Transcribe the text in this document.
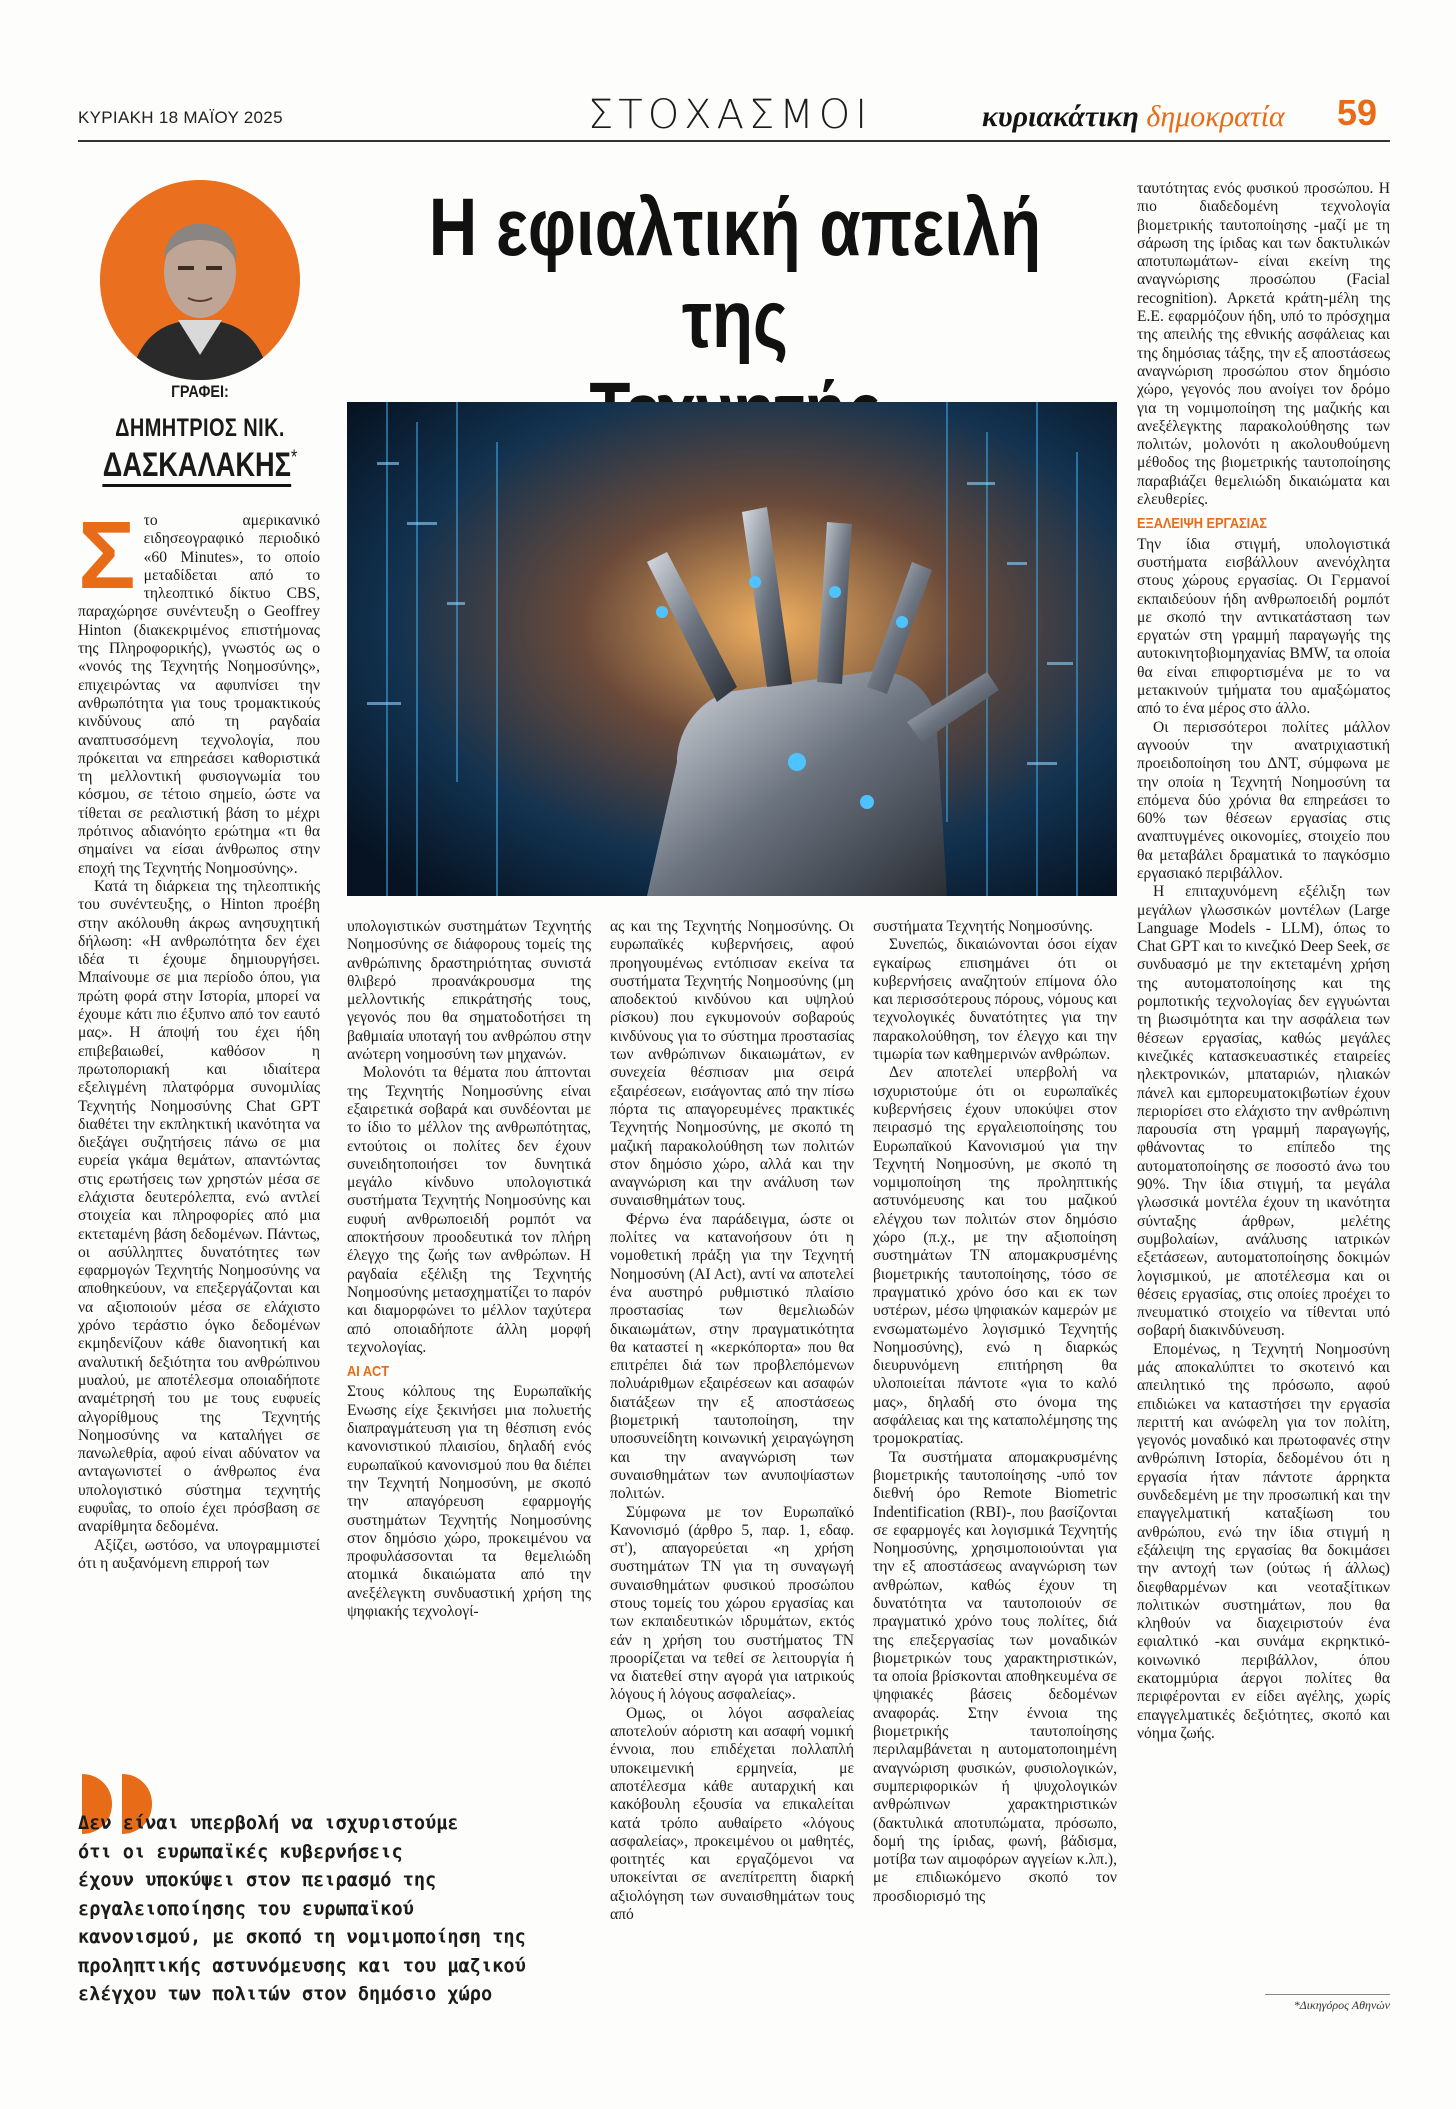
ΚΥΡΙΑΚΗ 18 ΜΑΪΟΥ 2025	ΣΤΟΧΑΣΜΟΙ	κυριακάτικη δημοκρατία 59
ΓΡΑΦΕΙ:
ΔΗΜΗΤΡΙΟΣ ΝΙΚ.
ΔΑΣΚΑΛΑΚΗΣ*
Η εφιαλτική απειλή της
Σ το αμερικανικό ειδησεογραφικό περιοδικό «60 Minutes», το οποίο μεταδίδεται από το τηλεοπτικό δίκτυο CBS, παραχώρησε συνέντευξη ο Geoffrey Hinton (διακεκριμένος επιστήμονας της Πληροφορικής), γνωστός ως ο «νονός της Τεχνητής Νοημοσύνης», επιχειρώντας να αφυπνίσει την ανθρωπότητα για τους τρομακτικούς κινδύνους από τη ραγδαία αναπτυσσόμενη τεχνολογία, που πρόκειται να επηρεάσει καθοριστικά τη μελλοντική φυσιογνωμία του κόσμου, σε τέτοιο σημείο, ώστε να τίθεται σε ρεαλιστική βάση το μέχρι πρότινος αδιανόητο ερώτημα «τι θα σημαίνει να είσαι άνθρωπος στην εποχή της Τεχνητής Νοημοσύνης».

Κατά τη διάρκεια της τηλεοπτικής του συνέντευξης, ο Hinton προέβη στην ακόλουθη άκρως ανησυχητική δήλωση: «Η ανθρωπότητα δεν έχει ιδέα τι έχουμε δημιουργήσει. Μπαίνουμε σε μια περίοδο όπου, για πρώτη φορά στην Ιστορία, μπορεί να έχουμε κάτι πιο έξυπνο από τον εαυτό μας». Η άποψή του έχει ήδη επιβεβαιωθεί, καθόσον η πρωτοποριακή και ιδιαίτερα εξελιγμένη πλατφόρμα συνομιλίας Τεχνητής Νοημοσύνης Chat GPT διαθέτει την εκπληκτική ικανότητα να διεξάγει συζητήσεις πάνω σε μια ευρεία γκάμα θεμάτων, απαντώντας στις ερωτήσεις των χρηστών μέσα σε ελάχιστα δευτερόλεπτα, ενώ αντλεί στοιχεία και πληροφορίες από μια εκτεταμένη βάση δεδομένων. Πάντως, οι ασύλληπτες δυνατότητες των εφαρμογών Τεχνητής Νοημοσύνης να αποθηκεύουν, να επεξεργάζονται και να αξιοποιούν μέσα σε ελάχιστο χρόνο τεράστιο όγκο δεδομένων εκμηδενίζουν κάθε διανοητική και αναλυτική δεξιότητα του ανθρώπινου μυαλού, με αποτέλεσμα οποιαδήποτε αναμέτρησή του με τους ευφυείς αλγορίθμους της Τεχνητής Νοημοσύνης να καταλήγει σε πανωλεθρία, αφού είναι αδύνατον να ανταγωνιστεί ο άνθρωπος ένα υπολογιστικό σύστημα τεχνητής ευφυΐας, το οποίο έχει πρόσβαση σε αναρίθμητα δεδομένα.

Αξίζει, ωστόσο, να υπογραμμιστεί ότι η αυξανόμενη επιρροή των

υπολογιστικών συστημάτων Τεχνητής Νοημοσύνης σε διάφορους τομείς της ανθρώπινης δραστηριότητας συνιστά θλιβερό προανάκρουσμα της μελλοντικής επικράτησής τους, γεγονός που θα σηματοδοτήσει τη βαθμιαία υποταγή του ανθρώπου στην ανώτερη νοημοσύνη των μηχανών.

Μολονότι τα θέματα που άπτονται της Τεχνητής Νοημοσύνης είναι εξαιρετικά σοβαρά και συνδέονται με το ίδιο το μέλλον της ανθρωπότητας, εντούτοις οι πολίτες δεν έχουν συνειδητοποιήσει τον δυνητικά μεγάλο κίνδυνο υπολογιστικά συστήματα Τεχνητής Νοημοσύνης και ευφυή ανθρωποειδή ρομπότ να αποκτήσουν προοδευτικά τον πλήρη έλεγχο της ζωής των ανθρώπων. Η ραγδαία εξέλιξη της Τεχνητής Νοημοσύνης μετασχηματίζει το παρόν και διαμορφώνει το μέλλον ταχύτερα από οποιαδήποτε άλλη μορφή τεχνολογίας.

AI ACT

Στους κόλπους της Ευρωπαϊκής Ενωσης είχε ξεκινήσει μια πολυετής διαπραγμάτευση για τη θέσπιση ενός κανονιστικού πλαισίου, δηλαδή ενός ευρωπαϊκού κανονισμού που θα διέπει την Τεχνητή Νοημοσύνη, με σκοπό την απαγόρευση εφαρμογής συστημάτων Τεχνητής Νοημοσύνης στον δημόσιο χώρο, προκειμένου να προφυλάσσονται τα θεμελιώδη ατομικά δικαιώματα από την ανεξέλεγκτη συνδυαστική χρήση της ψηφιακής τεχνολογί-

ας και της Τεχνητής Νοημοσύνης. Οι ευρωπαϊκές κυβερνήσεις, αφού προηγουμένως εντόπισαν εκείνα τα συστήματα Τεχνητής Νοημοσύνης (μη αποδεκτού κινδύνου και υψηλού ρίσκου) που εγκυμονούν σοβαρούς κινδύνους για το σύστημα προστασίας των ανθρώπινων δικαιωμάτων, εν συνεχεία θέσπισαν μια σειρά εξαιρέσεων, εισάγοντας από την πίσω πόρτα τις απαγορευμένες πρακτικές Τεχνητής Νοημοσύνης, με σκοπό τη μαζική παρακολούθηση των πολιτών στον δημόσιο χώρο, αλλά και την αναγνώριση και την ανάλυση των συναισθημάτων τους.

Φέρνω ένα παράδειγμα, ώστε οι πολίτες να κατανοήσουν ότι η νομοθετική πράξη για την Τεχνητή Νοημοσύνη (AI Act), αντί να αποτελεί ένα αυστηρό ρυθμιστικό πλαίσιο προστασίας των θεμελιωδών δικαιωμάτων, στην πραγματικότητα θα καταστεί η «κερκόπορτα» που θα επιτρέπει διά των προβλεπόμενων πολυάριθμων εξαιρέσεων και ασαφών διατάξεων την εξ αποστάσεως βιομετρική ταυτοποίηση, την υποσυνείδητη κοινωνική χειραγώγηση και την αναγνώριση των συναισθημάτων των ανυποψίαστων πολιτών.

Σύμφωνα με τον Ευρωπαϊκό Κανονισμό (άρθρο 5, παρ. 1, εδαφ. στ'), απαγορεύεται «η χρήση συστημάτων ΤΝ για τη συναγωγή συναισθημάτων φυσικού προσώπου στους τομείς του χώρου εργασίας και των εκπαιδευτικών ιδρυμάτων, εκτός εάν η χρήση του συστήματος ΤΝ προορίζεται να τεθεί σε λειτουργία ή να διατεθεί στην αγορά για ιατρικούς λόγους ή λόγους ασφαλείας».

Ομως, οι λόγοι ασφαλείας αποτελούν αόριστη και ασαφή νομική έννοια, που επιδέχεται πολλαπλή υποκειμενική ερμηνεία, με αποτέλεσμα κάθε αυταρχική και κακόβουλη εξουσία να επικαλείται κατά τρόπο αυθαίρετο «λόγους ασφαλείας», προκειμένου οι μαθητές, φοιτητές και εργαζόμενοι να υποκείνται σε ανεπίτρεπτη διαρκή αξιολόγηση των συναισθημάτων τους από

συστήματα Τεχνητής Νοημοσύνης.

Συνεπώς, δικαιώνονται όσοι είχαν εγκαίρως επισημάνει ότι οι κυβερνήσεις αναζητούν επίμονα όλο και περισσότερους πόρους, νόμους και τεχνολογικές δυνατότητες για την παρακολούθηση, τον έλεγχο και την τιμωρία των καθημερινών ανθρώπων.

Δεν αποτελεί υπερβολή να ισχυριστούμε ότι οι ευρωπαϊκές κυβερνήσεις έχουν υποκύψει στον πειρασμό της εργαλειοποίησης του Ευρωπαϊκού Κανονισμού για την Τεχνητή Νοημοσύνη, με σκοπό τη νομιμοποίηση της προληπτικής αστυνόμευσης και του μαζικού ελέγχου των πολιτών στον δημόσιο χώρο (π.χ., με την αξιοποίηση συστημάτων ΤΝ απομακρυσμένης βιομετρικής ταυτοποίησης, τόσο σε πραγματικό χρόνο όσο και εκ των υστέρων, μέσω ψηφιακών καμερών με ενσωματωμένο λογισμικό Τεχνητής Νοημοσύνης), ενώ η διαρκώς διευρυνόμενη επιτήρηση θα υλοποιείται πάντοτε «για το καλό μας», δηλαδή στο όνομα της ασφάλειας και της καταπολέμησης της τρομοκρατίας.

Τα συστήματα απομακρυσμένης βιομετρικής ταυτοποίησης -υπό τον διεθνή όρο Remote Biometric Indentification (RBI)-, που βασίζονται σε εφαρμογές και λογισμικά Τεχνητής Νοημοσύνης, χρησιμοποιούνται για την εξ αποστάσεως αναγνώριση των ανθρώπων, καθώς έχουν τη δυνατότητα να ταυτοποιούν σε πραγματικό χρόνο τους πολίτες, διά της επεξεργασίας των μοναδικών βιομετρικών τους χαρακτηριστικών, τα οποία βρίσκονται αποθηκευμένα σε ψηφιακές βάσεις δεδομένων αναφοράς. Στην έννοια της βιομετρικής ταυτοποίησης περιλαμβάνεται η αυτοματοποιημένη αναγνώριση φυσικών, φυσιολογικών, συμπεριφορικών ή ψυχολογικών ανθρώπινων χαρακτηριστικών (δακτυλικά αποτυπώματα, πρόσωπο, δομή της ίριδας, φωνή, βάδισμα, μοτίβα των αιμοφόρων αγγείων κ.λπ.), με επιδιωκόμενο σκοπό τον προσδιορισμό της

ταυτότητας ενός φυσικού προσώπου. Η πιο διαδεδομένη τεχνολογία βιομετρικής ταυτοποίησης -μαζί με τη σάρωση της ίριδας και των δακτυλικών αποτυπωμάτων- είναι εκείνη της αναγνώρισης προσώπου (Facial recognition). Αρκετά κράτη-μέλη της Ε.Ε. εφαρμόζουν ήδη, υπό το πρόσχημα της απειλής της εθνικής ασφάλειας και της δημόσιας τάξης, την εξ αποστάσεως αναγνώριση προσώπου στον δημόσιο χώρο, γεγονός που ανοίγει τον δρόμο για τη νομιμοποίηση της μαζικής και ανεξέλεγκτης παρακολούθησης των πολιτών, μολονότι η ακολουθούμενη μέθοδος της βιομετρικής ταυτοποίησης παραβιάζει θεμελιώδη δικαιώματα και ελευθερίες.

ΕΞΑΛΕΙΨΗ ΕΡΓΑΣΙΑΣ

Την ίδια στιγμή, υπολογιστικά συστήματα εισβάλλουν ανενόχλητα στους χώρους εργασίας. Οι Γερμανοί εκπαιδεύουν ήδη ανθρωποειδή ρομπότ με σκοπό την αντικατάσταση των εργατών στη γραμμή παραγωγής της αυτοκινητοβιομηχανίας BMW, τα οποία θα είναι επιφορτισμένα με το να μετακινούν τμήματα του αμαξώματος από το ένα μέρος στο άλλο.

Οι περισσότεροι πολίτες μάλλον αγνοούν την ανατριχιαστική προειδοποίηση του ΔΝΤ, σύμφωνα με την οποία η Τεχνητή Νοημοσύνη τα επόμενα δύο χρόνια θα επηρεάσει το 60% των θέσεων εργασίας στις αναπτυγμένες οικονομίες, στοιχείο που θα μεταβάλει δραματικά το παγκόσμιο εργασιακό περιβάλλον.

Η επιταχυνόμενη εξέλιξη των μεγάλων γλωσσικών μοντέλων (Large Language Models - LLM), όπως το Chat GPT και το κινεζικό Deep Seek, σε συνδυασμό με την εκτεταμένη χρήση της αυτοματοποίησης και της ρομποτικής τεχνολογίας δεν εγγυώνται τη βιωσιμότητα και την ασφάλεια των θέσεων εργασίας, καθώς μεγάλες κινεζικές κατασκευαστικές εταιρείες ηλεκτρονικών, μπαταριών, ηλιακών πάνελ και εμπορευματοκιβωτίων έχουν περιορίσει στο ελάχιστο την ανθρώπινη παρουσία στη γραμμή παραγωγής, φθάνοντας το επίπεδο της αυτοματοποίησης σε ποσοστό άνω του 90%. Την ίδια στιγμή, τα μεγάλα γλωσσικά μοντέλα έχουν τη ικανότητα σύνταξης άρθρων, μελέτης συμβολαίων, ανάλυσης ιατρικών εξετάσεων, αυτοματοποίησης δοκιμών λογισμικού, με αποτέλεσμα και οι θέσεις εργασίας, στις οποίες προέχει το πνευματικό στοιχείο να τίθενται υπό σοβαρή διακινδύνευση.

Επομένως, η Τεχνητή Νοημοσύνη μάς αποκαλύπτει το σκοτεινό και απειλητικό της πρόσωπο, αφού επιδιώκει να καταστήσει την εργασία περιττή και ανώφελη για τον πολίτη, γεγονός μοναδικό και πρωτοφανές στην ανθρώπινη Ιστορία, δεδομένου ότι η εργασία ήταν πάντοτε άρρηκτα συνδεδεμένη με την προσωπική και την επαγγελματική καταξίωση του ανθρώπου, ενώ την ίδια στιγμή η εξάλειψη της εργασίας θα δοκιμάσει την αντοχή των (ούτως ή άλλως) διεφθαρμένων και νεοταξίτικων πολιτικών συστημάτων, που θα κληθούν να διαχειριστούν ένα εφιαλτικό -και συνάμα εκρηκτικό- κοινωνικό περιβάλλον, όπου εκατομμύρια άεργοι πολίτες θα περιφέρονται εν είδει αγέλης, χωρίς επαγγελματικές δεξιότητες, σκοπό και νόημα ζωής.

Δεν είναι υπερβολή να ισχυριστούμε
ότι οι ευρωπαϊκές κυβερνήσεις
έχουν υποκύψει στον πειρασμό της
εργαλειοποίησης του ευρωπαϊκού
κανονισμού, με σκοπό τη νομιμοποίηση της
προληπτικής αστυνόμευσης και του μαζικού
ελέγχου των πολιτών στον δημόσιο χώρο	*Δικηγόρος Αθηνών
